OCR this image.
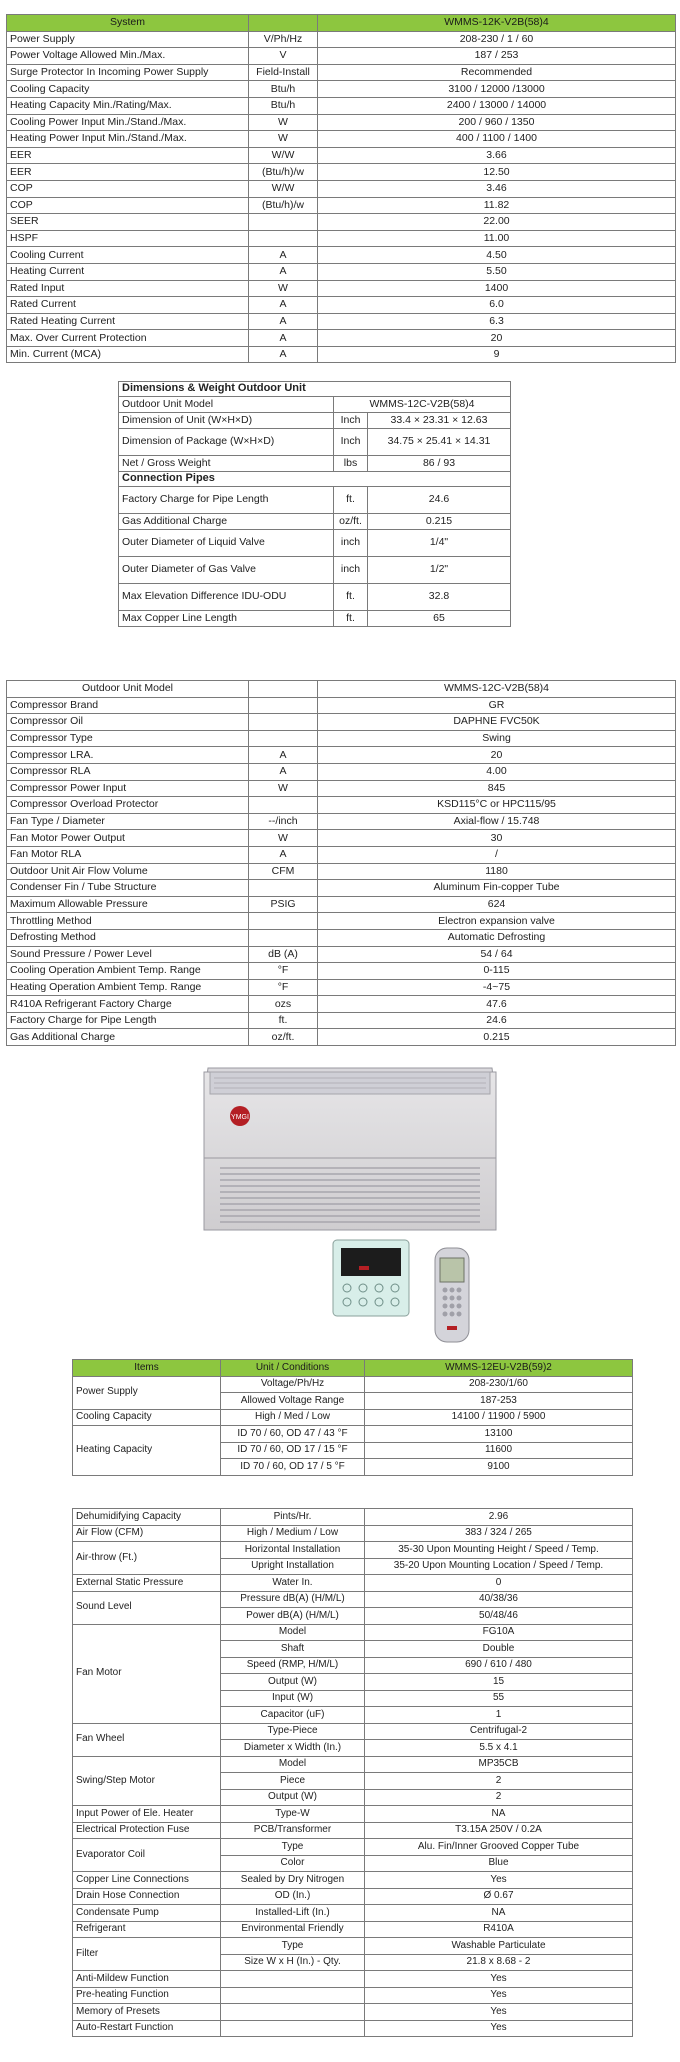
System		WMMS-12K-V2B(58)4
Power Supply	V/Ph/Hz	208-230 / 1 / 60
Power Voltage Allowed Min./Max.	V	187 / 253
Surge Protector In Incoming Power Supply	Field-Install	Recommended
Cooling Capacity	Btu/h	3100 / 12000 /13000
Heating Capacity Min./Rating/Max.	Btu/h	2400 / 13000 / 14000
Cooling Power Input Min./Stand./Max.	W	200 / 960 / 1350
Heating Power Input Min./Stand./Max.	W	400 / 1100 / 1400
EER	W/W	3.66
EER	(Btu/h)/w	12.50
COP	W/W	3.46
COP	(Btu/h)/w	11.82
SEER		22.00
HSPF		11.00
Cooling Current	A	4.50
Heating Current	A	5.50
Rated Input	W	1400
Rated Current	A	6.0
Rated Heating Current	A	6.3
Max. Over Current Protection	A	20
Min. Current (MCA)	A	9
Dimensions & Weight Outdoor Unit		
Outdoor Unit Model	WMMS-12C-V2B(58)4	
Dimension of Unit (W×H×D)	Inch	33.4 × 23.31 × 12.63
Dimension of Package (W×H×D)	Inch	34.75 × 25.41 × 14.31
Net / Gross Weight	lbs	86 / 93
Connection Pipes		
Factory Charge for Pipe Length	ft.	24.6
Gas Additional Charge	oz/ft.	0.215
Outer Diameter of Liquid Valve	inch	1/4"
Outer Diameter of Gas Valve	inch	1/2"
Max Elevation Difference IDU-ODU	ft.	32.8
Max Copper Line Length	ft.	65
Outdoor Unit Model		WMMS-12C-V2B(58)4
Compressor Brand		GR
Compressor Oil		DAPHNE FVC50K
Compressor Type		Swing
Compressor LRA.	A	20
Compressor RLA	A	4.00
Compressor Power Input	W	845
Compressor Overload Protector		KSD115°C or HPC115/95
Fan Type / Diameter	--/inch	Axial-flow / 15.748
Fan Motor Power Output	W	30
Fan Motor RLA	A	/
Outdoor Unit Air Flow Volume	CFM	1180
Condenser Fin / Tube Structure		Aluminum Fin-copper Tube
Maximum Allowable Pressure	PSIG	624
Throttling Method		Electron expansion valve
Defrosting Method		Automatic Defrosting
Sound Pressure / Power Level	dB (A)	54 / 64
Cooling Operation Ambient Temp. Range	°F	0-115
Heating Operation Ambient Temp. Range	°F	-4~75
R410A Refrigerant Factory Charge	ozs	47.6
Factory Charge for Pipe Length	ft.	24.6
Gas Additional Charge	oz/ft.	0.215
YMGI
Items	Unit / Conditions	WMMS-12EU-V2B(59)2
Power Supply	Voltage/Ph/Hz	208-230/1/60
	Allowed Voltage Range	187-253
Cooling Capacity	High / Med / Low	14100 / 11900 / 5900
Heating Capacity	ID 70 / 60, OD 47 / 43 °F	13100
	ID 70 / 60, OD 17 / 15 °F	11600
	ID 70 / 60, OD 17 / 5 °F	9100
Dehumidifying Capacity	Pints/Hr.	2.96
Air Flow (CFM)	High / Medium / Low	383 / 324 / 265
Air-throw (Ft.)	Horizontal Installation	35-30 Upon Mounting Height / Speed / Temp.
	Upright Installation	35-20 Upon Mounting Location / Speed / Temp.
External Static Pressure	Water In.	0
Sound Level	Pressure dB(A) (H/M/L)	40/38/36
	Power dB(A) (H/M/L)	50/48/46
Fan Motor	Model	FG10A
	Shaft	Double
	Speed (RMP, H/M/L)	690 / 610 / 480
	Output (W)	15
	Input (W)	55
	Capacitor (uF)	1
Fan Wheel	Type-Piece	Centrifugal-2
	Diameter x Width (In.)	5.5 x 4.1
Swing/Step Motor	Model	MP35CB
	Piece	2
	Output (W)	2
Input Power of Ele. Heater	Type-W	NA
Electrical Protection Fuse	PCB/Transformer	T3.15A 250V / 0.2A
Evaporator Coil	Type	Alu. Fin/Inner Grooved Copper Tube
	Color	Blue
Copper Line Connections	Sealed by Dry Nitrogen	Yes
Drain Hose Connection	OD (In.)	Ø 0.67
Condensate Pump	Installed-Lift (In.)	NA
Refrigerant	Environmental Friendly	R410A
Filter	Type	Washable Particulate
	Size W x H (In.) - Qty.	21.8 x 8.68 - 2
Anti-Mildew Function		Yes
Pre-heating Function		Yes
Memory of Presets		Yes
Auto-Restart Function		Yes
